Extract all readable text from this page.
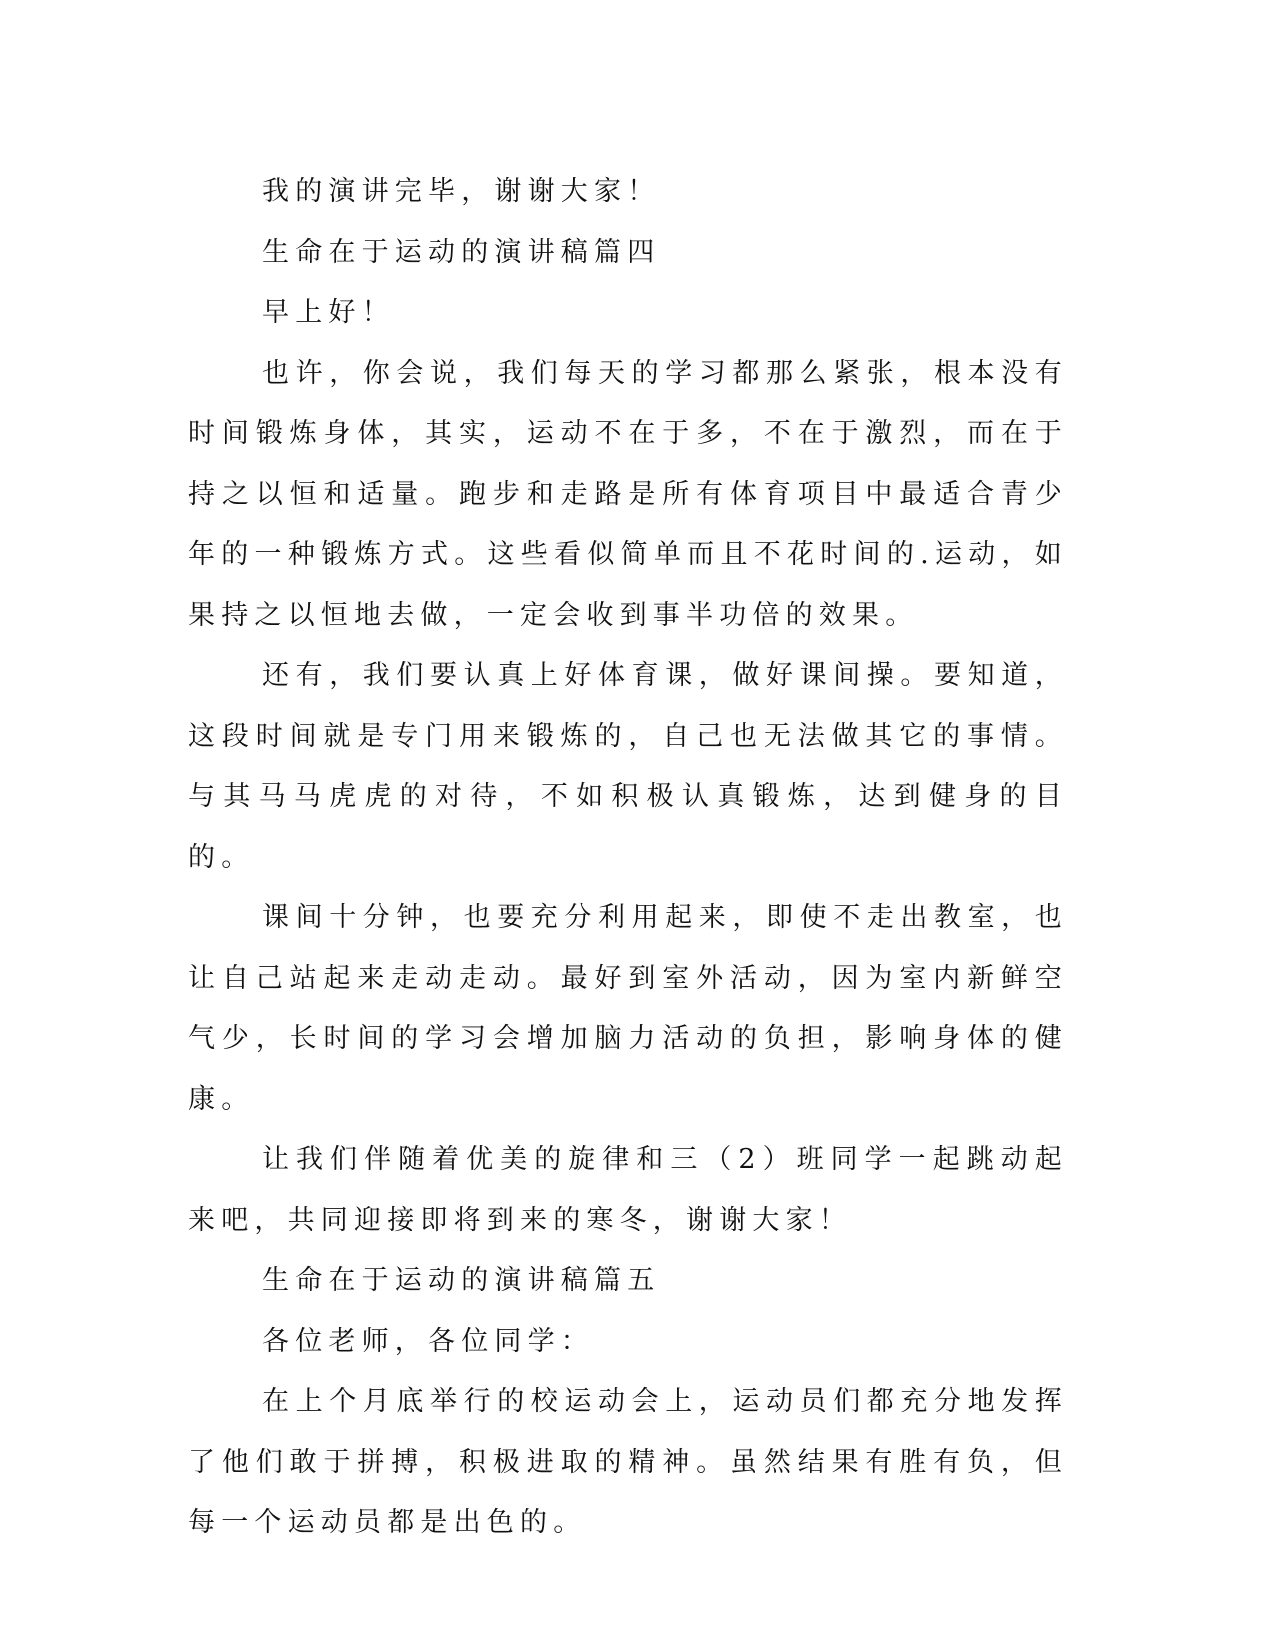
我的演讲完毕，谢谢大家！

生命在于运动的演讲稿篇四

早上好！

也许，你会说，我们每天的学习都那么紧张，根本没有时间锻炼身体，其实，运动不在于多，不在于激烈，而在于持之以恒和适量。跑步和走路是所有体育项目中最适合青少年的一种锻炼方式。这些看似简单而且不花时间的.运动，如果持之以恒地去做，一定会收到事半功倍的效果。

还有，我们要认真上好体育课，做好课间操。要知道，这段时间就是专门用来锻炼的，自己也无法做其它的事情。与其马马虎虎的对待，不如积极认真锻炼，达到健身的目的。

课间十分钟，也要充分利用起来，即使不走出教室，也让自己站起来走动走动。最好到室外活动，因为室内新鲜空气少，长时间的学习会增加脑力活动的负担，影响身体的健康。

让我们伴随着优美的旋律和三（2）班同学一起跳动起来吧，共同迎接即将到来的寒冬，谢谢大家！

生命在于运动的演讲稿篇五

各位老师，各位同学：

在上个月底举行的校运动会上，运动员们都充分地发挥了他们敢于拼搏，积极进取的精神。虽然结果有胜有负，但每一个运动员都是出色的。
